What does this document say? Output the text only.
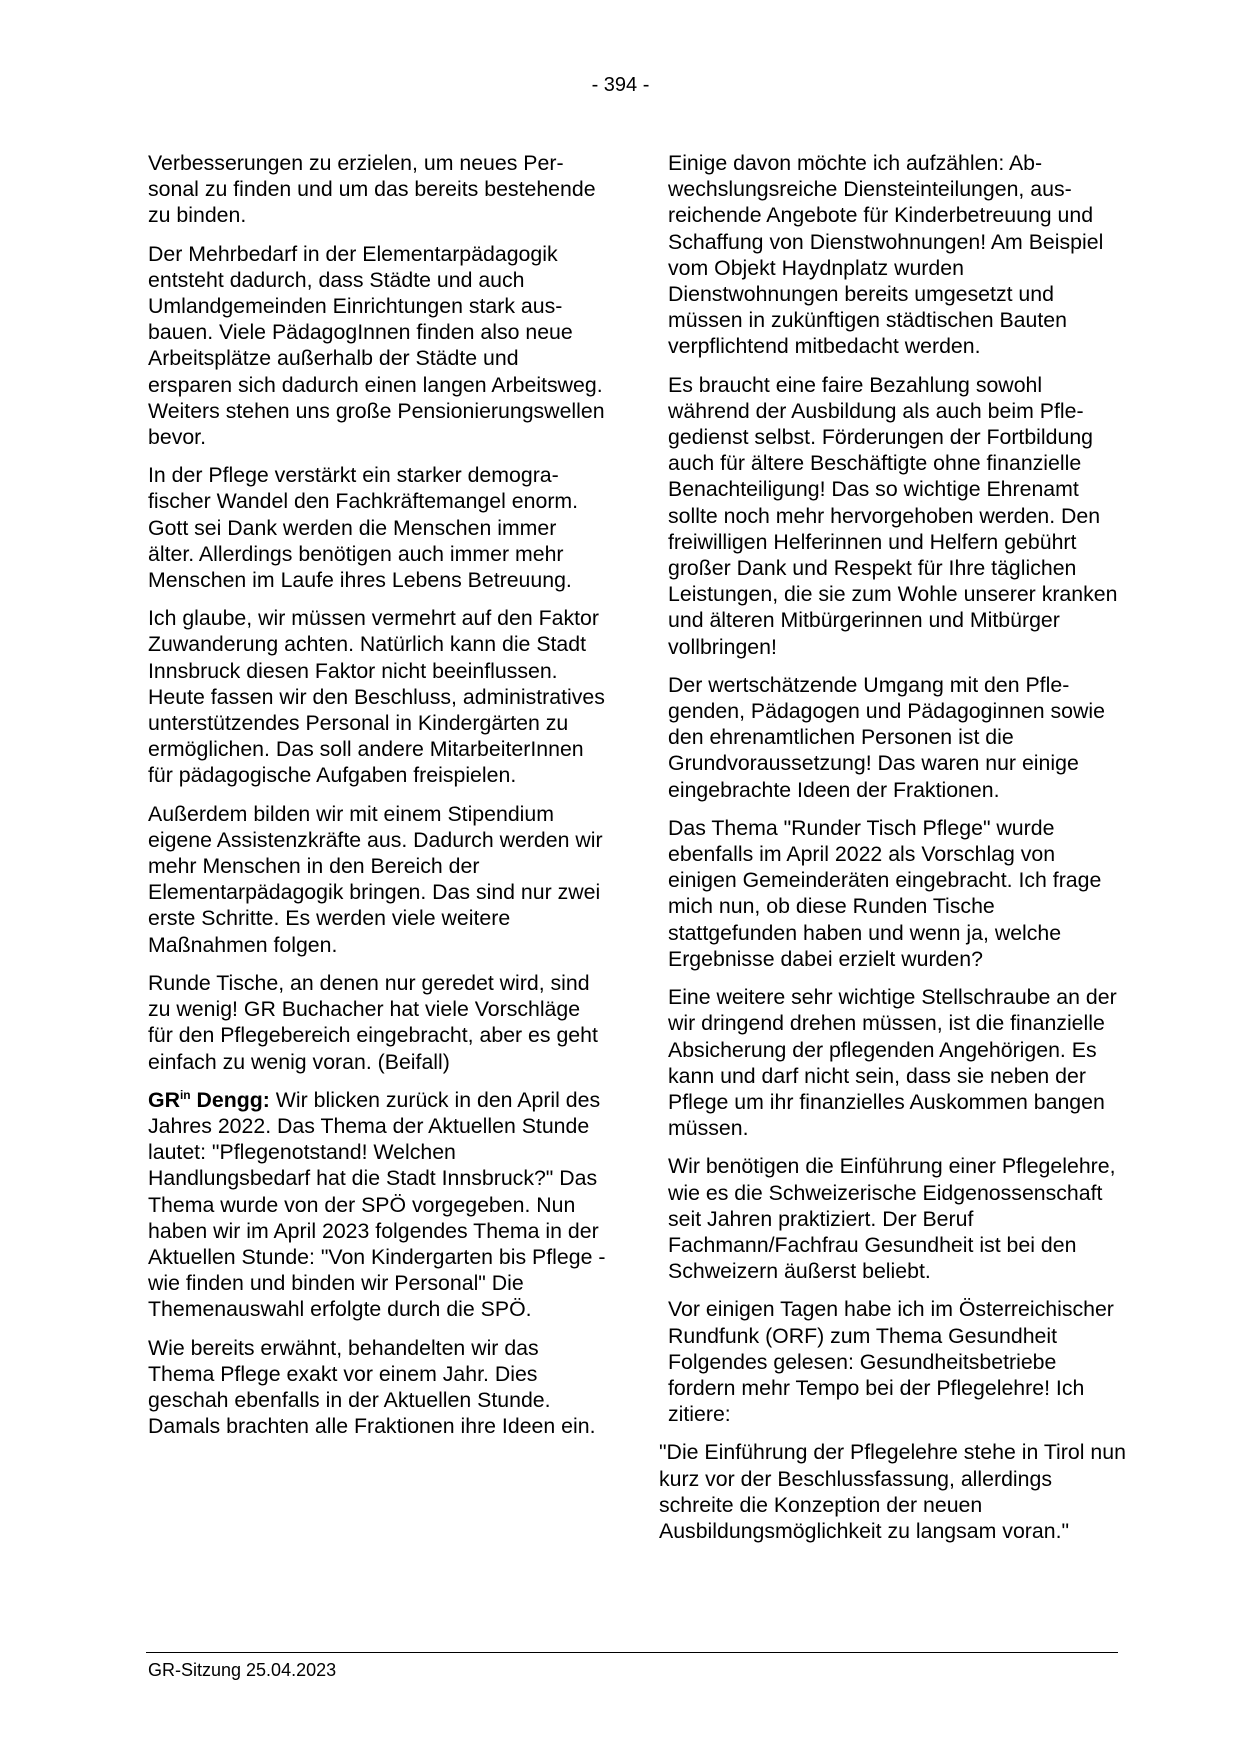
- 394 -

Verbesserungen zu erzielen, um neues Personal zu finden und um das bereits bestehende zu binden.

Der Mehrbedarf in der Elementarpädagogik entsteht dadurch, dass Städte und auch Umlandgemeinden Einrichtungen stark ausbauen. Viele PädagogInnen finden also neue Arbeitsplätze außerhalb der Städte und ersparen sich dadurch einen langen Arbeitsweg. Weiters stehen uns große Pensionierungswellen bevor.

In der Pflege verstärkt ein starker demografischer Wandel den Fachkräftemangel enorm. Gott sei Dank werden die Menschen immer älter. Allerdings benötigen auch immer mehr Menschen im Laufe ihres Lebens Betreuung.

Ich glaube, wir müssen vermehrt auf den Faktor Zuwanderung achten. Natürlich kann die Stadt Innsbruck diesen Faktor nicht beeinflussen. Heute fassen wir den Beschluss, administratives unterstützendes Personal in Kindergärten zu ermöglichen. Das soll andere MitarbeiterInnen für pädagogische Aufgaben freispielen.

Außerdem bilden wir mit einem Stipendium eigene Assistenzkräfte aus. Dadurch werden wir mehr Menschen in den Bereich der Elementarpädagogik bringen. Das sind nur zwei erste Schritte. Es werden viele weitere Maßnahmen folgen.

Runde Tische, an denen nur geredet wird, sind zu wenig! GR Buchacher hat viele Vorschläge für den Pflegebereich eingebracht, aber es geht einfach zu wenig voran. (Beifall)

$GR^{in}$ Dengg: Wir blicken zurück in den April des Jahres 2022. Das Thema der Aktuellen Stunde lautet: "Pflegenotstand! Welchen Handlungsbedarf hat die Stadt Innsbruck?" Das Thema wurde von der SPÖ vorgegeben. Nun haben wir im April 2023 folgendes Thema in der Aktuellen Stunde: "Von Kindergarten bis Pflege - wie finden und binden wir Personal" Die Themenauswahl erfolgte durch die SPÖ.

Wie bereits erwähnt, behandelten wir das Thema Pflege exakt vor einem Jahr. Dies geschah ebenfalls in der Aktuellen Stunde. Damals brachten alle Fraktionen ihre Ideen ein.

Einige davon möchte ich aufzählen: Abwechslungsreiche Diensteinteilungen, ausreichende Angebote für Kinderbetreuung und Schaffung von Dienstwohnungen! Am Beispiel vom Objekt Haydnplatz wurden Dienstwohnungen bereits umgesetzt und müssen in zukünftigen städtischen Bauten verpflichtend mitbedacht werden.

Es braucht eine faire Bezahlung sowohl während der Ausbildung als auch beim Pflegedienst selbst. Förderungen der Fortbildung auch für ältere Beschäftigte ohne finanzielle Benachteiligung! Das so wichtige Ehrenamt sollte noch mehr hervorgehoben werden. Den freiwilligen Helferinnen und Helfern gebührt großer Dank und Respekt für Ihre täglichen Leistungen, die sie zum Wohle unserer kranken und älteren Mitbürgerinnen und Mitbürger vollbringen!

Der wertschätzende Umgang mit den Pflegenden, Pädagogen und Pädagoginnen sowie den ehrenamtlichen Personen ist die Grundvoraussetzung! Das waren nur einige eingebrachte Ideen der Fraktionen.

Das Thema "Runder Tisch Pflege" wurde ebenfalls im April 2022 als Vorschlag von einigen Gemeinderäten eingebracht. Ich frage mich nun, ob diese Runden Tische stattgefunden haben und wenn ja, welche Ergebnisse dabei erzielt wurden?

Eine weitere sehr wichtige Stellschraube an der wir dringend drehen müssen, ist die finanzielle Absicherung der pflegenden Angehörigen. Es kann und darf nicht sein, dass sie neben der Pflege um ihr finanzielles Auskommen bangen müssen.

Wir benötigen die Einführung einer Pflegelehre, wie es die Schweizerische Eidgenossenschaft seit Jahren praktiziert. Der Beruf Fachmann/Fachfrau Gesundheit ist bei den Schweizern äußerst beliebt.

Vor einigen Tagen habe ich im Österreichischer Rundfunk (ORF) zum Thema Gesundheit Folgendes gelesen: Gesundheitsbetriebe fordern mehr Tempo bei der Pflegelehre! Ich zitiere:

"Die Einführung der Pflegelehre stehe in Tirol nun kurz vor der Beschlussfassung, allerdings schreite die Konzeption der neuen Ausbildungsmöglichkeit zu langsam voran."

GR-Sitzung 25.04.2023
